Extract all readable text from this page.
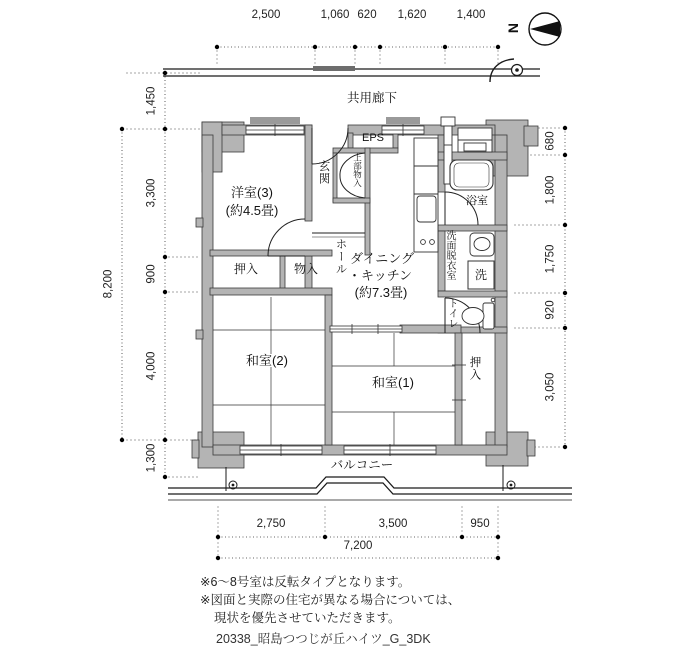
N
共用廊下
2,500	1,060 620 1,620	1,400
1,450
3,300
900
4,000
1,300
8,200
680
1,800
1,750
920
3,050
2,750	3,500	950
7,200
洋室(3)
(約4.5畳)
EPS
玄関	上部物入
ホール ダイニング
・キッチン
(約7.3畳)
浴室
洗面脱衣室 洗
トイレ
押入	物入
和室(2)
和室(1)
押入
バルコニー
※6〜8号室は反転タイプとなります。
※図面と実際の住宅が異なる場合については、
現状を優先させていただきます。
20338_昭島つつじが丘ハイツ_G_3DK
